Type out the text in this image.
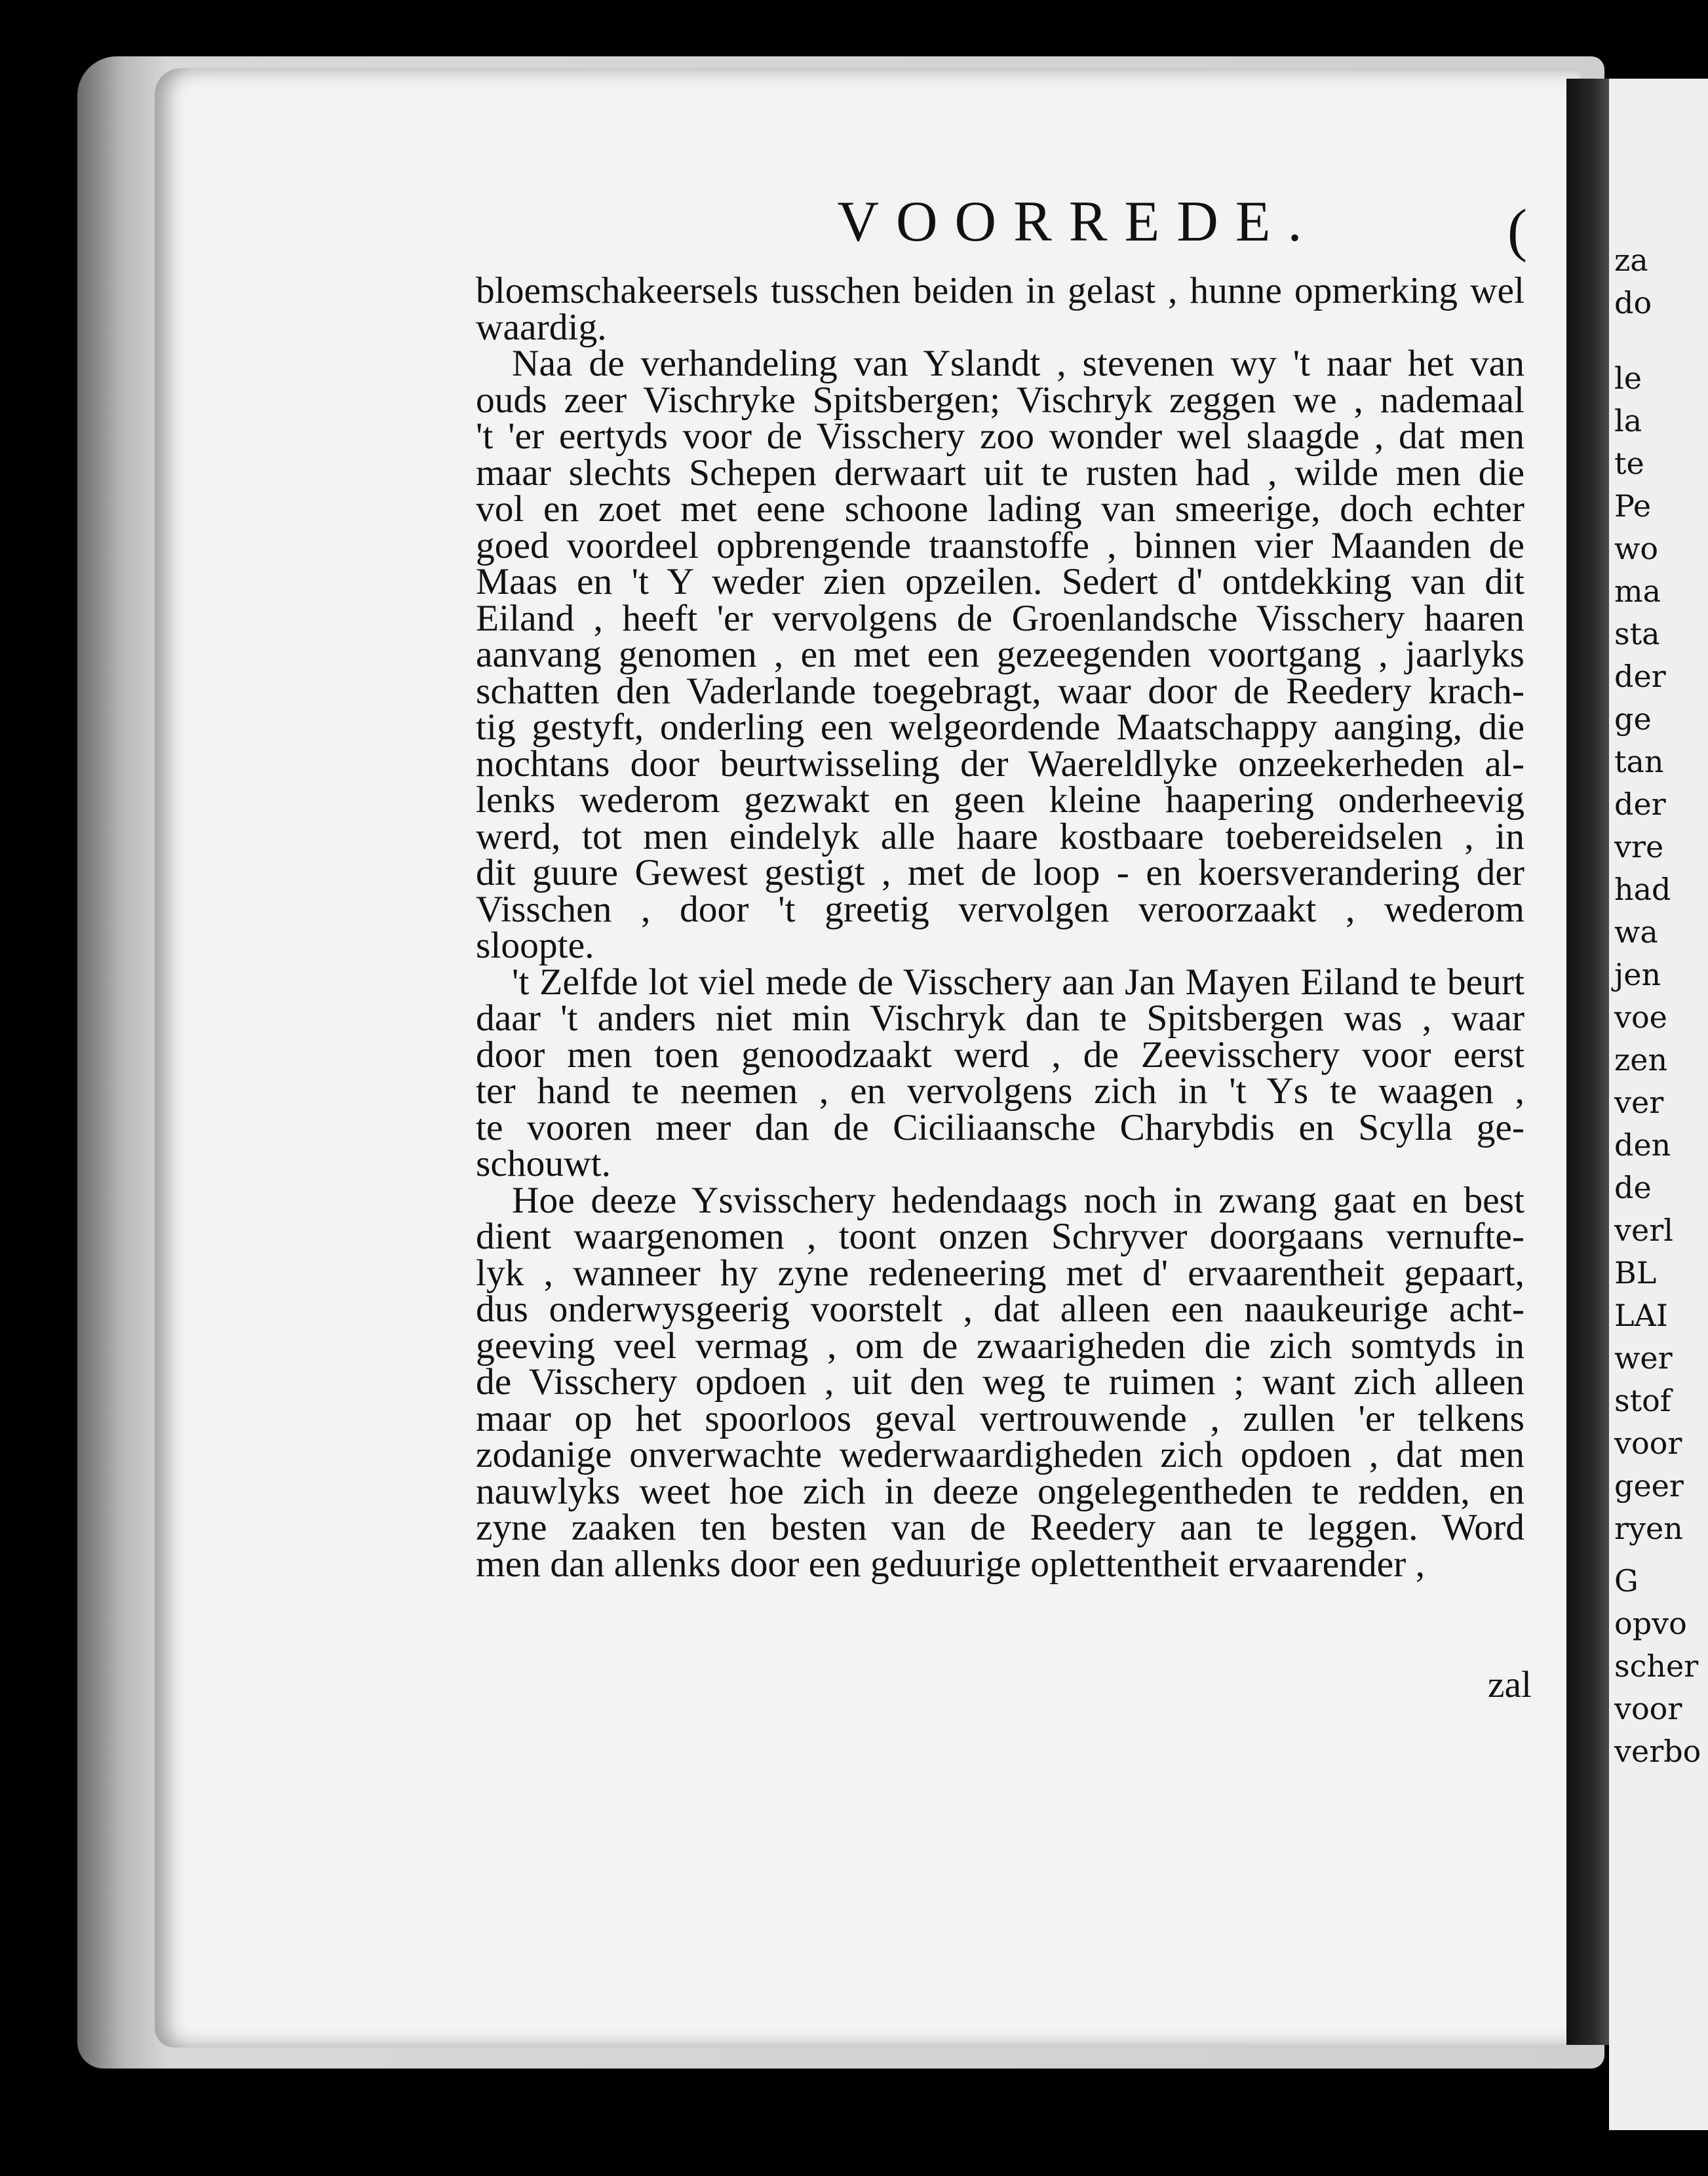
za
do
le
la
te
Pe
wo
ma
sta
der
ge
tan
der
vre
had
wa
jen
voe
zen
ver
den
de
verl
BL
LAI
wer
stof
voor
geer
ryen
G
opvo
scher
voor
verbo
VOORREDE.	(
bloemschakeersels tusschen beiden in gelast , hunne opmerking wel
waardig.
Naa de verhandeling van Yslandt , stevenen wy 't naar het van
ouds zeer Vischryke Spitsbergen; Vischryk zeggen we , nademaal
't 'er eertyds voor de Visschery zoo wonder wel slaagde , dat men
maar slechts Schepen derwaart uit te rusten had , wilde men die
vol en zoet met eene schoone lading van smeerige, doch echter
goed voordeel opbrengende traanstoffe , binnen vier Maanden de
Maas en 't Y weder zien opzeilen. Sedert d' ontdekking van dit
Eiland , heeft 'er vervolgens de Groenlandsche Visschery haaren
aanvang genomen , en met een gezeegenden voortgang , jaarlyks
schatten den Vaderlande toegebragt, waar door de Reedery krach-
tig gestyft, onderling een welgeordende Maatschappy aanging, die
nochtans door beurtwisseling der Waereldlyke onzeekerheden al-
lenks wederom gezwakt en geen kleine haapering onderheevig
werd, tot men eindelyk alle haare kostbaare toebereidselen , in
dit guure Gewest gestigt , met de loop - en koersverandering der
Visschen , door 't greetig vervolgen veroorzaakt , wederom
sloopte.
't Zelfde lot viel mede de Visschery aan Jan Mayen Eiland te beurt
daar 't anders niet min Vischryk dan te Spitsbergen was , waar
door men toen genoodzaakt werd , de Zeevisschery voor eerst
ter hand te neemen , en vervolgens zich in 't Ys te waagen ,
te vooren meer dan de Ciciliaansche Charybdis en Scylla ge-
schouwt.
Hoe deeze Ysvisschery hedendaags noch in zwang gaat en best
dient waargenomen , toont onzen Schryver doorgaans vernufte-
lyk , wanneer hy zyne redeneering met d' ervaarentheit gepaart,
dus onderwysgeerig voorstelt , dat alleen een naaukeurige acht-
geeving veel vermag , om de zwaarigheden die zich somtyds in
de Visschery opdoen , uit den weg te ruimen ; want zich alleen
maar op het spoorloos geval vertrouwende , zullen 'er telkens
zodanige onverwachte wederwaardigheden zich opdoen , dat men
nauwlyks weet hoe zich in deeze ongelegentheden te redden, en
zyne zaaken ten besten van de Reedery aan te leggen. Word
men dan allenks door een geduurige oplettentheit ervaarender ,
zal
